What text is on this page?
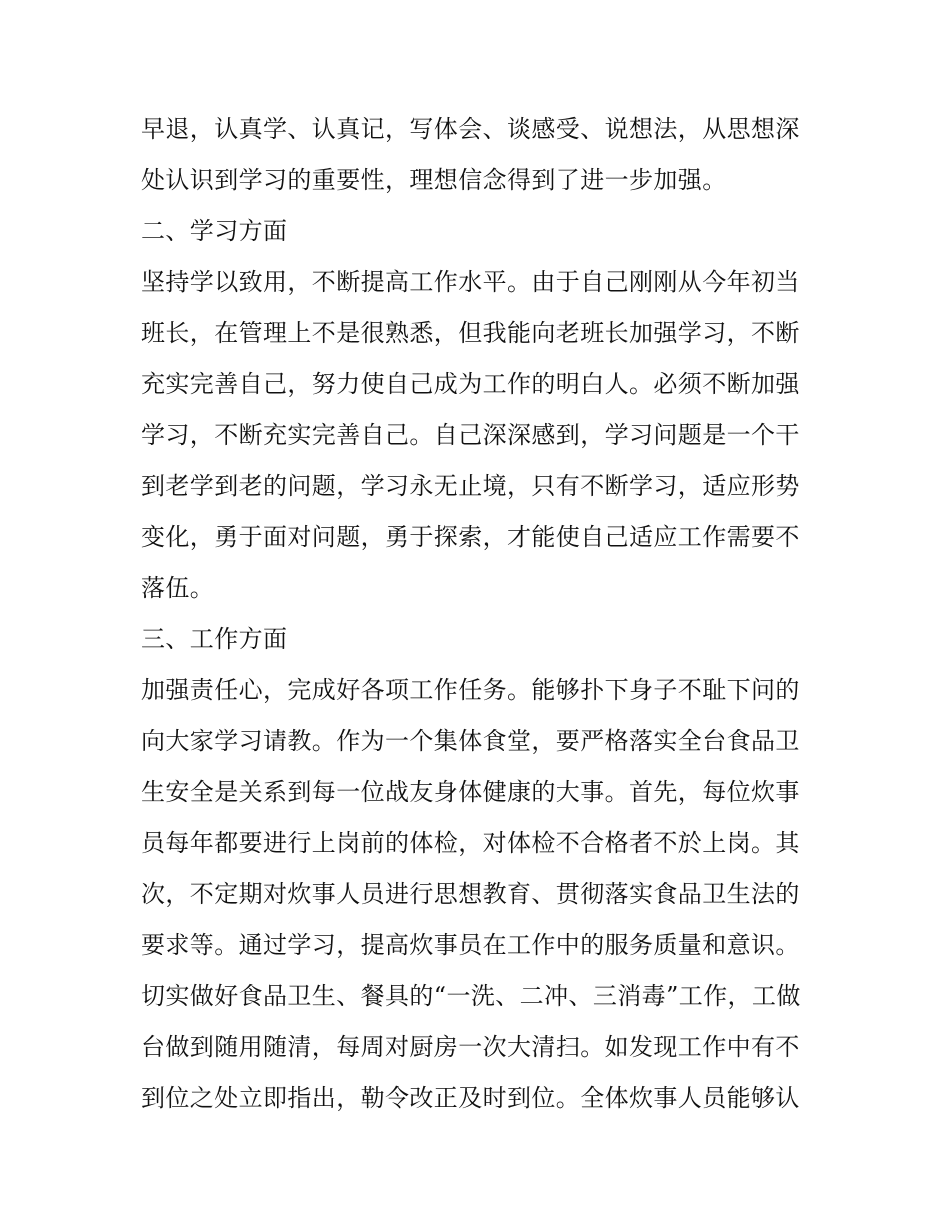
早退，认真学、认真记，写体会、谈感受、说想法，从思想深
处认识到学习的重要性，理想信念得到了进一步加强。
二、学习方面
坚持学以致用，不断提高工作水平。由于自己刚刚从今年初当
班长，在管理上不是很熟悉，但我能向老班长加强学习，不断
充实完善自己，努力使自己成为工作的明白人。必须不断加强
学习，不断充实完善自己。自己深深感到，学习问题是一个干
到老学到老的问题，学习永无止境，只有不断学习，适应形势
变化，勇于面对问题，勇于探索，才能使自己适应工作需要不
落伍。
三、工作方面
加强责任心，完成好各项工作任务。能够扑下身子不耻下问的
向大家学习请教。作为一个集体食堂，要严格落实全台食品卫
生安全是关系到每一位战友身体健康的大事。首先，每位炊事
员每年都要进行上岗前的体检，对体检不合格者不於上岗。其
次，不定期对炊事人员进行思想教育、贯彻落实食品卫生法的
要求等。通过学习，提高炊事员在工作中的服务质量和意识。
切实做好食品卫生、餐具的“一洗、二冲、三消毒”工作，工做
台做到随用随清，每周对厨房一次大清扫。如发现工作中有不
到位之处立即指出，勒令改正及时到位。全体炊事人员能够认
